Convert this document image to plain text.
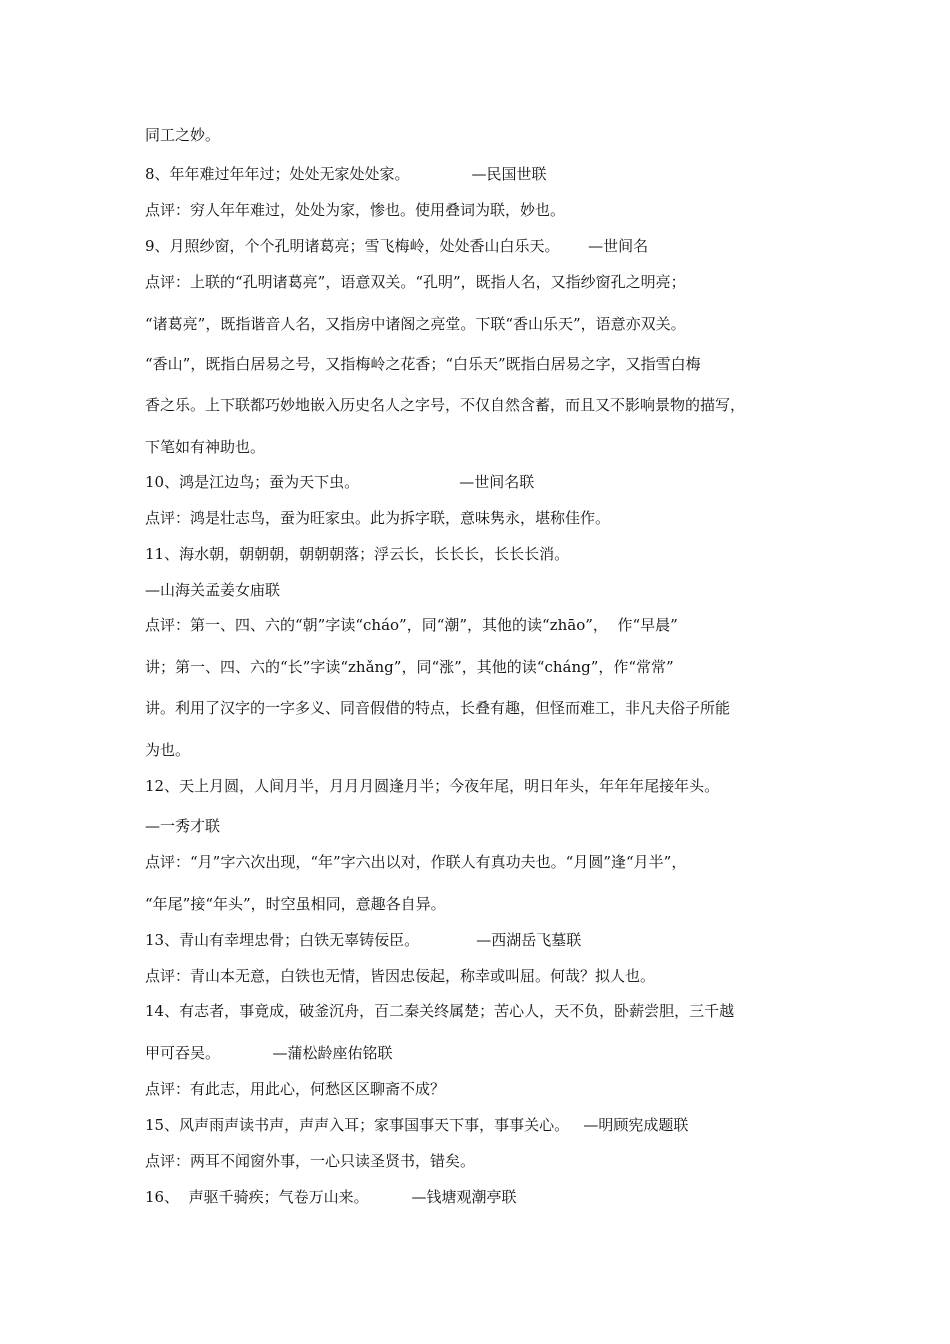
同工之妙。

8、年年难过年年过；处处无家处处家。             —民国世联

点评：穷人年年难过，处处为家，惨也。使用叠词为联，妙也。

9、月照纱窗，个个孔明诸葛亮；雪飞梅岭，处处香山白乐天。      —世间名

点评：上联的“孔明诸葛亮”，语意双关。“孔明”，既指人名，又指纱窗孔之明亮；

“诸葛亮”，既指谐音人名，又指房中诸阁之亮堂。下联“香山乐天”，语意亦双关。

“香山”，既指白居易之号，又指梅岭之花香；“白乐天”既指白居易之字，又指雪白梅

香之乐。上下联都巧妙地嵌入历史名人之字号，不仅自然含蓄，而且又不影响景物的描写，

下笔如有神助也。

10、鸿是江边鸟；蚕为天下虫。                     —世间名联

点评：鸿是壮志鸟，蚕为旺家虫。此为拆字联，意味隽永，堪称佳作。

11、海水朝，朝朝朝，朝朝朝落；浮云长，长长长，长长长消。

—山海关孟姜女庙联

点评：第一、四、六的“朝”字读“cháo”，同“潮”，其他的读“zhāo”，  作“早晨”

讲；第一、四、六的“长”字读“zhǎng”，同“涨”，其他的读“cháng”，作“常常”

讲。利用了汉字的一字多义、同音假借的特点，长叠有趣，但怪而难工，非凡夫俗子所能

为也。

12、天上月圆，人间月半，月月月圆逢月半；今夜年尾，明日年头，年年年尾接年头。

—一秀才联

点评：“月”字六次出现，“年”字六出以对，作联人有真功夫也。“月圆”逢“月半”，

“年尾”接“年头”，时空虽相同，意趣各自异。

13、青山有幸埋忠骨；白铁无辜铸佞臣。            —西湖岳飞墓联

点评：青山本无意，白铁也无情，皆因忠佞起，称幸或叫屈。何哉？拟人也。

14、有志者，事竟成，破釜沉舟，百二秦关终属楚；苦心人，天不负，卧薪尝胆，三千越

甲可吞吴。           —蒲松龄座佑铭联

点评：有此志，用此心，何愁区区聊斋不成？

15、风声雨声读书声，声声入耳；家事国事天下事，事事关心。   —明顾宪成题联

点评：两耳不闻窗外事，一心只读圣贤书，错矣。

16、  声驱千骑疾；气卷万山来。         —钱塘观潮亭联
